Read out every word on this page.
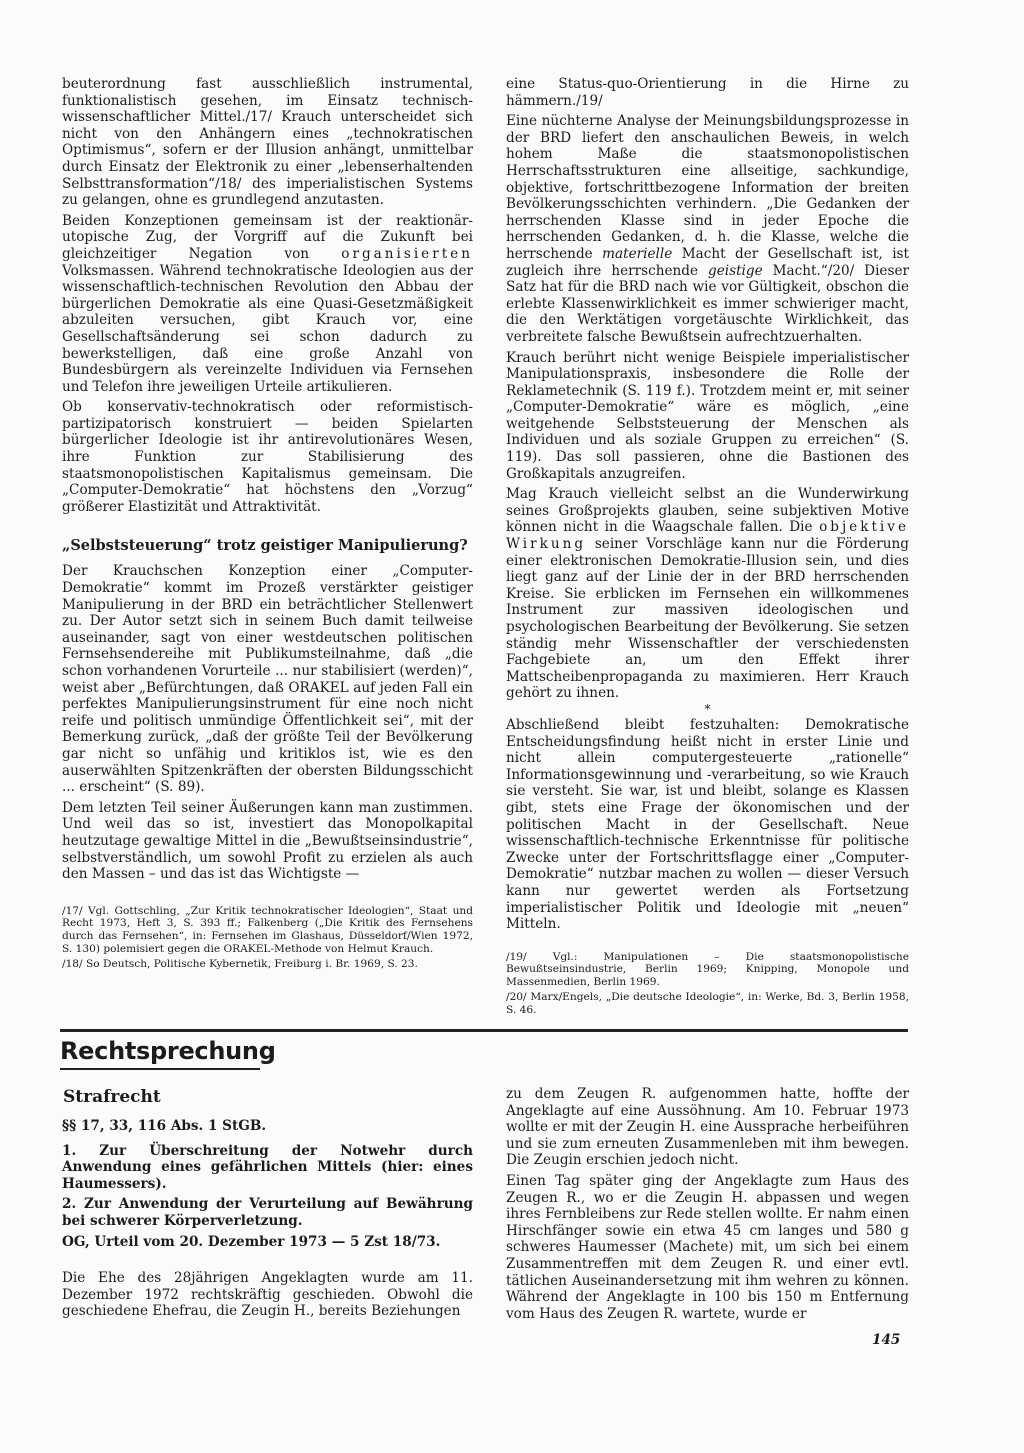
beuterordnung fast ausschließlich instrumental, funktionalistisch gesehen, im Einsatz technisch-wissenschaftlicher Mittel./17/ Krauch unterscheidet sich nicht von den Anhängern eines „technokratischen Optimismus“, sofern er der Illusion anhängt, unmittelbar durch Einsatz der Elektronik zu einer „lebenserhaltenden Selbsttransformation“/18/ des imperialistischen Systems zu gelangen, ohne es grundlegend anzutasten.

Beiden Konzeptionen gemeinsam ist der reaktionär-utopische Zug, der Vorgriff auf die Zukunft bei gleichzeitiger Negation von organisierten Volksmassen. Während technokratische Ideologien aus der wissenschaftlich-technischen Revolution den Abbau der bürgerlichen Demokratie als eine Quasi-Gesetzmäßigkeit abzuleiten versuchen, gibt Krauch vor, eine Gesellschaftsänderung sei schon dadurch zu bewerkstelligen, daß eine große Anzahl von Bundesbürgern als vereinzelte Individuen via Fernsehen und Telefon ihre jeweiligen Urteile artikulieren.

Ob konservativ-technokratisch oder reformistisch-partizipatorisch konstruiert — beiden Spielarten bürgerlicher Ideologie ist ihr antirevolutionäres Wesen, ihre Funktion zur Stabilisierung des staatsmonopolistischen Kapitalismus gemeinsam. Die „Computer-Demokratie“ hat höchstens den „Vorzug“ größerer Elastizität und Attraktivität.

„Selbststeuerung“ trotz geistiger Manipulierung?

Der Krauchschen Konzeption einer „Computer-Demokratie“ kommt im Prozeß verstärkter geistiger Manipulierung in der BRD ein beträchtlicher Stellenwert zu. Der Autor setzt sich in seinem Buch damit teilweise auseinander, sagt von einer westdeutschen politischen Fernsehsendereihe mit Publikumsteilnahme, daß „die schon vorhandenen Vorurteile ... nur stabilisiert (werden)“, weist aber „Befürchtungen, daß ORAKEL auf jeden Fall ein perfektes Manipulierungsinstrument für eine noch nicht reife und politisch unmündige Öffentlichkeit sei“, mit der Bemerkung zurück, „daß der größte Teil der Bevölkerung gar nicht so unfähig und kritiklos ist, wie es den auserwählten Spitzenkräften der obersten Bildungsschicht ... erscheint“ (S. 89).

Dem letzten Teil seiner Äußerungen kann man zustimmen. Und weil das so ist, investiert das Monopolkapital heutzutage gewaltige Mittel in die „Bewußtseinsindustrie“, selbstverständlich, um sowohl Profit zu erzielen als auch den Massen – und das ist das Wichtigste —

/17/ Vgl. Gottschling, „Zur Kritik technokratischer Ideologien“, Staat und Recht 1973, Heft 3, S. 393 ff.; Falkenberg („Die Kritik des Fernsehens durch das Fernsehen“, in: Fernsehen im Glashaus, Düsseldorf/Wien 1972, S. 130) polemisiert gegen die ORAKEL-Methode von Helmut Krauch.

/18/ So Deutsch, Politische Kybernetik, Freiburg i. Br. 1969, S. 23.

eine Status-quo-Orientierung in die Hirne zu hämmern./19/

Eine nüchterne Analyse der Meinungsbildungsprozesse in der BRD liefert den anschaulichen Beweis, in welch hohem Maße die staatsmonopolistischen Herrschaftsstrukturen eine allseitige, sachkundige, objektive, fortschrittbezogene Information der breiten Bevölkerungsschichten verhindern. „Die Gedanken der herrschenden Klasse sind in jeder Epoche die herrschenden Gedanken, d. h. die Klasse, welche die herrschende materielle Macht der Gesellschaft ist, ist zugleich ihre herrschende geistige Macht.“/20/ Dieser Satz hat für die BRD nach wie vor Gültigkeit, obschon die erlebte Klassenwirklichkeit es immer schwieriger macht, die den Werktätigen vorgetäuschte Wirklichkeit, das verbreitete falsche Bewußtsein aufrechtzuerhalten.

Krauch berührt nicht wenige Beispiele imperialistischer Manipulationspraxis, insbesondere die Rolle der Reklametechnik (S. 119 f.). Trotzdem meint er, mit seiner „Computer-Demokratie“ wäre es möglich, „eine weitgehende Selbststeuerung der Menschen als Individuen und als soziale Gruppen zu erreichen“ (S. 119). Das soll passieren, ohne die Bastionen des Großkapitals anzugreifen.

Mag Krauch vielleicht selbst an die Wunderwirkung seines Großprojekts glauben, seine subjektiven Motive können nicht in die Waagschale fallen. Die objektive Wirkung seiner Vorschläge kann nur die Förderung einer elektronischen Demokratie-Illusion sein, und dies liegt ganz auf der Linie der in der BRD herrschenden Kreise. Sie erblicken im Fernsehen ein willkommenes Instrument zur massiven ideologischen und psychologischen Bearbeitung der Bevölkerung. Sie setzen ständig mehr Wissenschaftler der verschiedensten Fachgebiete an, um den Effekt ihrer Mattscheibenpropaganda zu maximieren. Herr Krauch gehört zu ihnen.

*

Abschließend bleibt festzuhalten: Demokratische Entscheidungsfindung heißt nicht in erster Linie und nicht allein computergesteuerte „rationelle“ Informationsgewinnung und -verarbeitung, so wie Krauch sie versteht. Sie war, ist und bleibt, solange es Klassen gibt, stets eine Frage der ökonomischen und der politischen Macht in der Gesellschaft. Neue wissenschaftlich-technische Erkenntnisse für politische Zwecke unter der Fortschrittsflagge einer „Computer-Demokratie“ nutzbar machen zu wollen — dieser Versuch kann nur gewertet werden als Fortsetzung imperialistischer Politik und Ideologie mit „neuen“ Mitteln.

/19/ Vgl.: Manipulationen – Die staatsmonopolistische Bewußtseinsindustrie, Berlin 1969; Knipping, Monopole und Massenmedien, Berlin 1969.

/20/ Marx/Engels, „Die deutsche Ideologie“, in: Werke, Bd. 3, Berlin 1958, S. 46.

Rechtsprechung
Strafrecht

§§ 17, 33, 116 Abs. 1 StGB.

1. Zur Überschreitung der Notwehr durch Anwendung eines gefährlichen Mittels (hier: eines Haumessers).

2. Zur Anwendung der Verurteilung auf Bewährung bei schwerer Körperverletzung.

OG, Urteil vom 20. Dezember 1973 — 5 Zst 18/73.

Die Ehe des 28jährigen Angeklagten wurde am 11. Dezember 1972 rechtskräftig geschieden. Obwohl die geschiedene Ehefrau, die Zeugin H., bereits Beziehungen

zu dem Zeugen R. aufgenommen hatte, hoffte der Angeklagte auf eine Aussöhnung. Am 10. Februar 1973 wollte er mit der Zeugin H. eine Aussprache herbeiführen und sie zum erneuten Zusammenleben mit ihm bewegen. Die Zeugin erschien jedoch nicht.

Einen Tag später ging der Angeklagte zum Haus des Zeugen R., wo er die Zeugin H. abpassen und wegen ihres Fernbleibens zur Rede stellen wollte. Er nahm einen Hirschfänger sowie ein etwa 45 cm langes und 580 g schweres Haumesser (Machete) mit, um sich bei einem Zusammentreffen mit dem Zeugen R. und einer evtl. tätlichen Auseinandersetzung mit ihm wehren zu können. Während der Angeklagte in 100 bis 150 m Entfernung vom Haus des Zeugen R. wartete, wurde er

145
